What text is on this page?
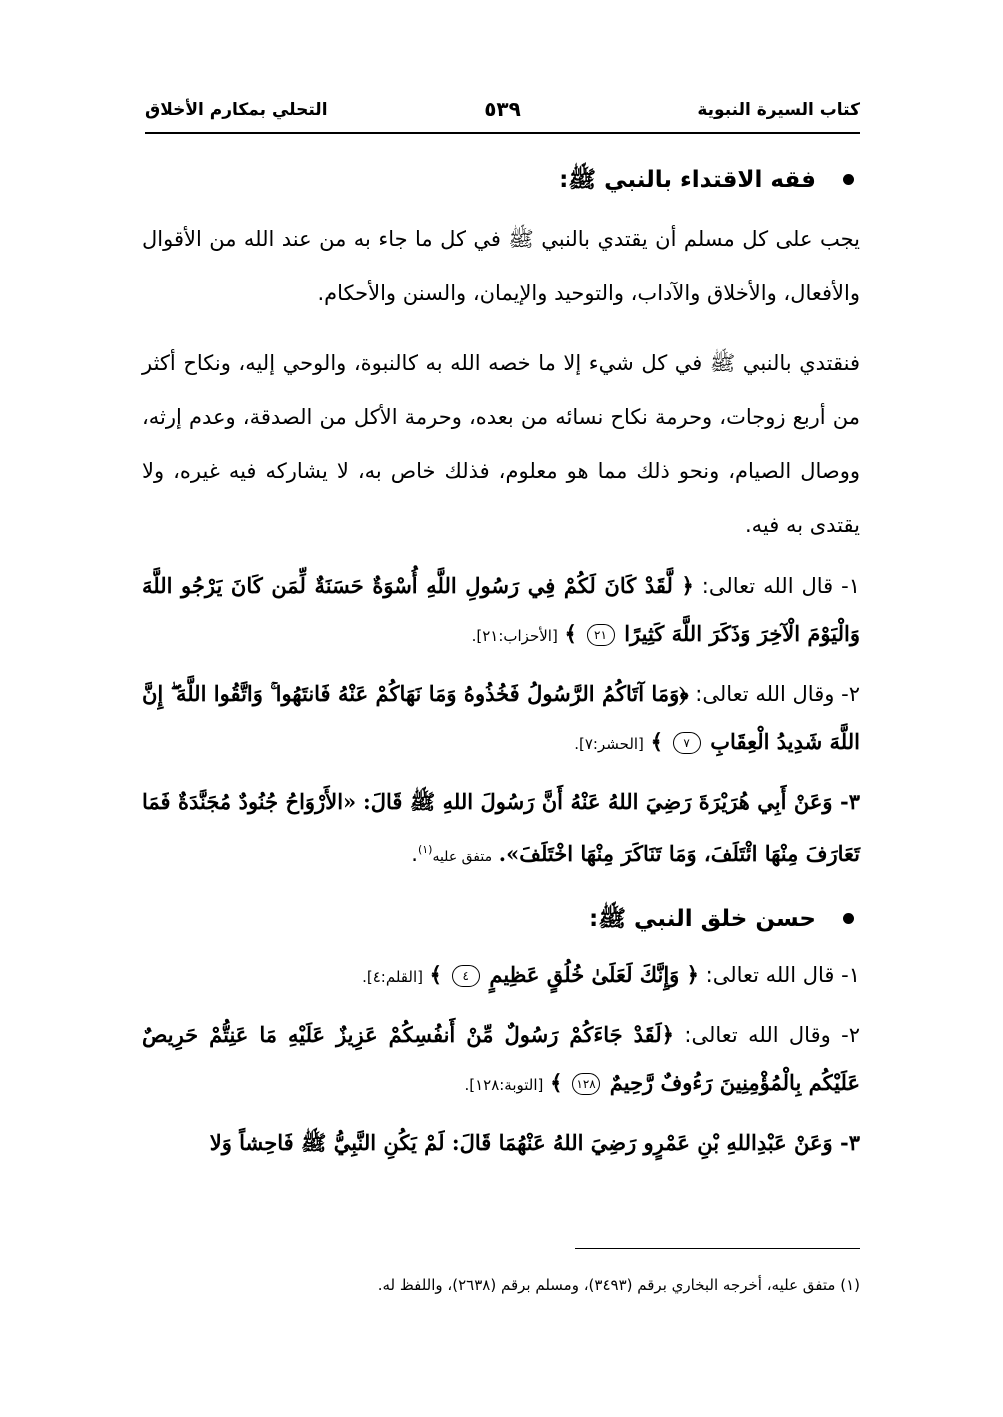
كتاب السيرة النبوية
٥٣٩
التحلي بمكارم الأخلاق
فقه الاقتداء بالنبي ﷺ:

يجب على كل مسلم أن يقتدي بالنبي ﷺ في كل ما جاء به من عند الله من الأقوال والأفعال، والأخلاق والآداب، والتوحيد والإيمان، والسنن والأحكام.

فنقتدي بالنبي ﷺ في كل شيء إلا ما خصه الله به كالنبوة، والوحي إليه، ونكاح أكثر من أربع زوجات، وحرمة نكاح نسائه من بعده، وحرمة الأكل من الصدقة، وعدم إرثه، ووصال الصيام، ونحو ذلك مما هو معلوم، فذلك خاص به، لا يشاركه فيه غيره، ولا يقتدى به فيه.

١- قال الله تعالى: ﴿ لَّقَدْ كَانَ لَكُمْ فِي رَسُولِ اللَّهِ أُسْوَةٌ حَسَنَةٌ لِّمَن كَانَ يَرْجُو اللَّهَ وَالْيَوْمَ الْآخِرَ وَذَكَرَ اللَّهَ كَثِيرًا ٢١ ﴾ [الأحزاب:٢١].

٢- وقال الله تعالى: ﴿وَمَا آتَاكُمُ الرَّسُولُ فَخُذُوهُ وَمَا نَهَاكُمْ عَنْهُ فَانتَهُوا ۚ وَاتَّقُوا اللَّهَ ۖ إِنَّ اللَّهَ شَدِيدُ الْعِقَابِ ٧ ﴾ [الحشر:٧].

٣- وَعَنْ أَبِي هُرَيْرَةَ رَضِيَ اللهُ عَنْهُ أَنَّ رَسُولَ اللهِ ﷺ قَالَ: «الأَرْوَاحُ جُنُودٌ مُجَنَّدَةٌ فَمَا تَعَارَفَ مِنْهَا ائْتَلَفَ، وَمَا تَنَاكَرَ مِنْهَا اخْتَلَفَ». متفق عليه$^{(١)}$.

حسن خلق النبي ﷺ:

١- قال الله تعالى: ﴿ وَإِنَّكَ لَعَلَىٰ خُلُقٍ عَظِيمٍ ٤ ﴾ [القلم:٤].

٢- وقال الله تعالى: ﴿لَقَدْ جَاءَكُمْ رَسُولٌ مِّنْ أَنفُسِكُمْ عَزِيزٌ عَلَيْهِ مَا عَنِتُّمْ حَرِيصٌ عَلَيْكُم بِالْمُؤْمِنِينَ رَءُوفٌ رَّحِيمٌ ١٢٨ ﴾ [التوبة:١٢٨].

٣- وَعَنْ عَبْدِاللهِ بْنِ عَمْرٍو رَضِيَ اللهُ عَنْهُمَا قَالَ: لَمْ يَكُنِ النَّبِيُّ ﷺ فَاحِشاً وَلا

(١) متفق عليه، أخرجه البخاري برقم (٣٤٩٣)، ومسلم برقم (٢٦٣٨)، واللفظ له.
